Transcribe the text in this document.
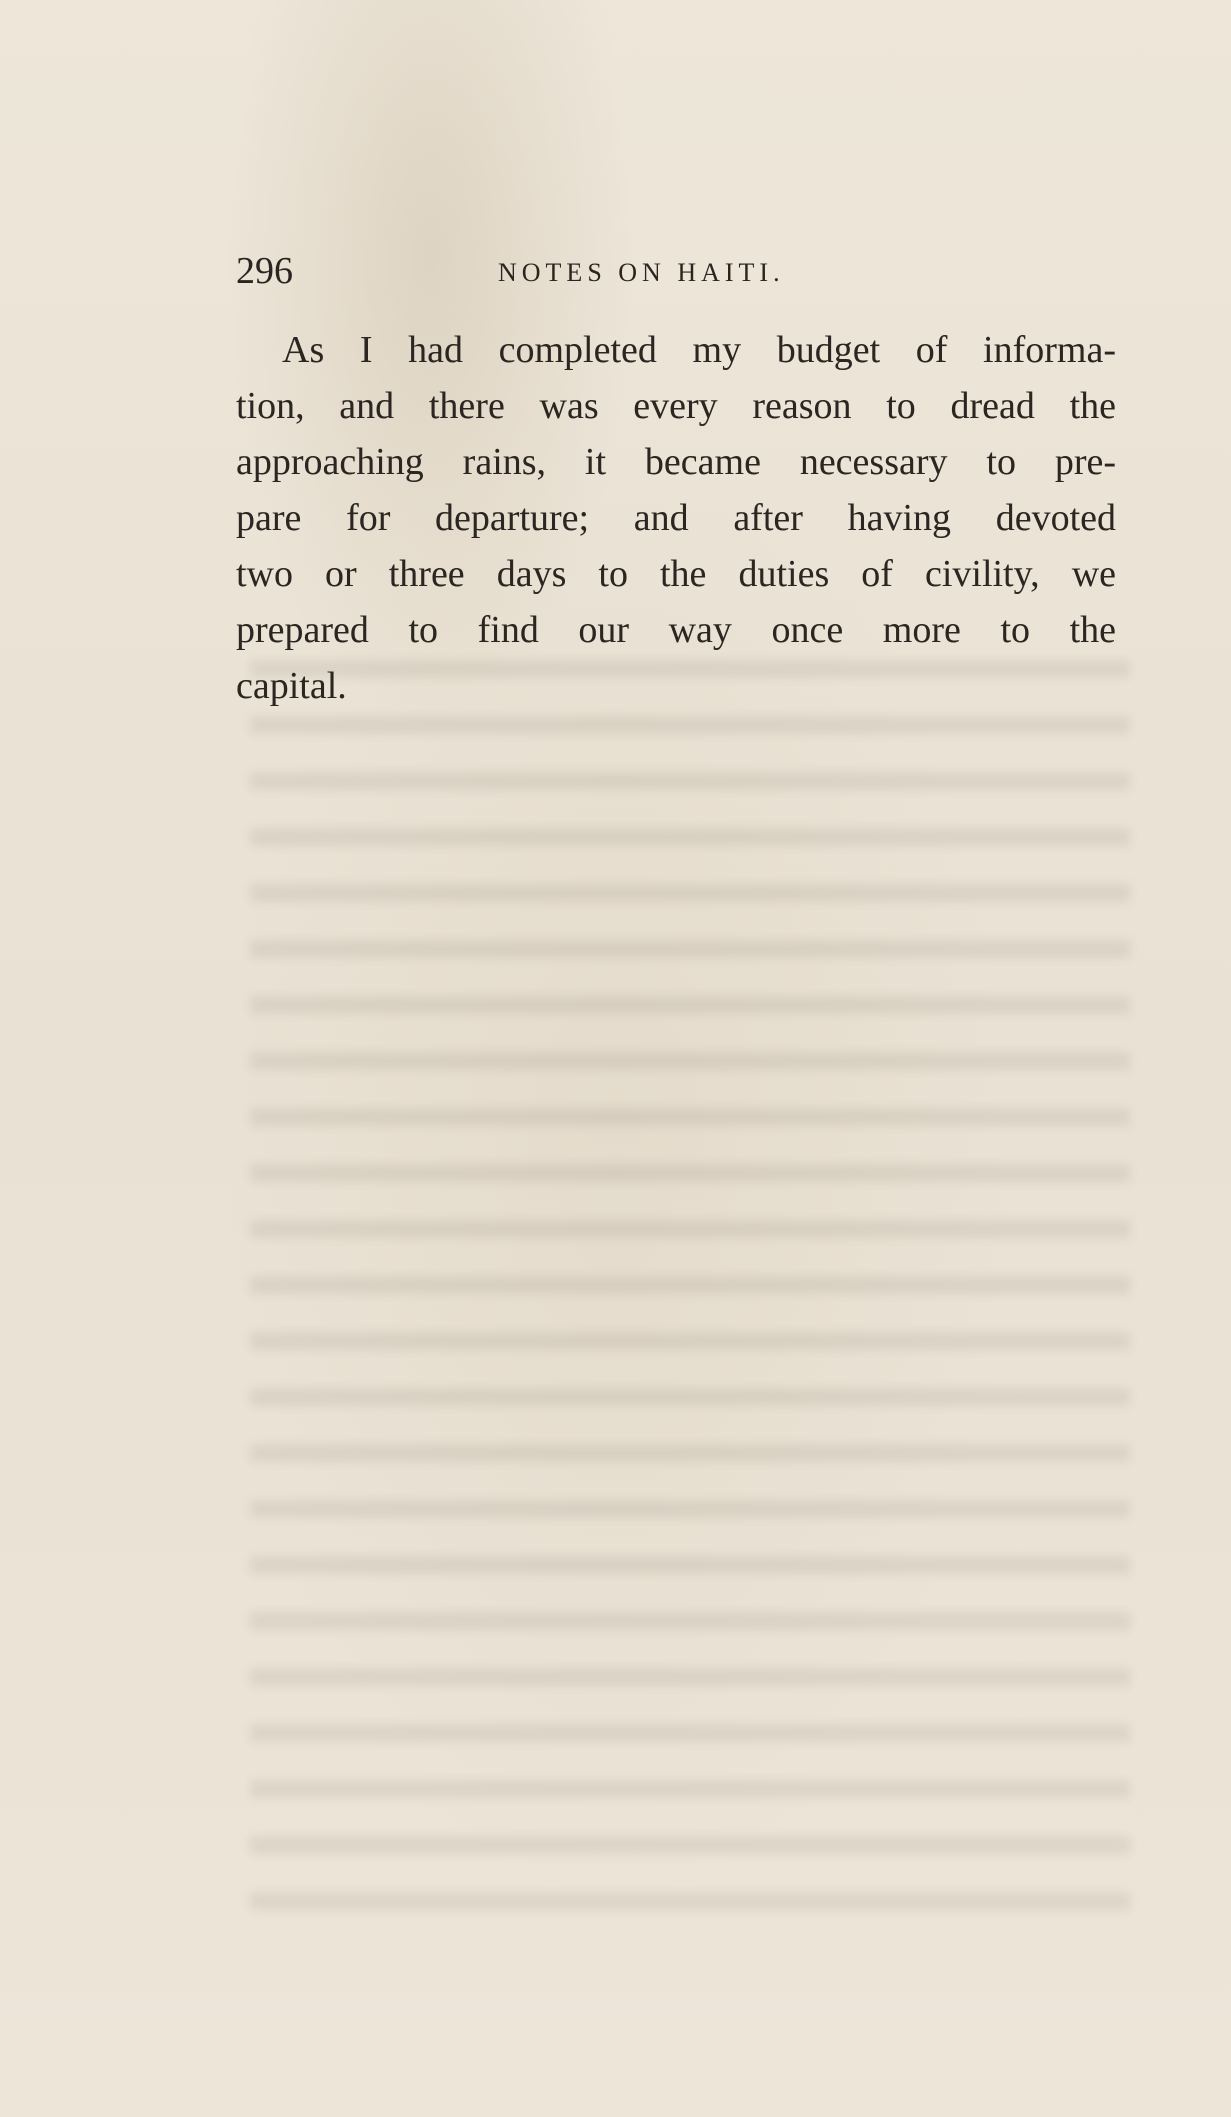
296	NOTES ON HAITI.
As I had completed my budget of informa-
tion, and there was every reason to dread the
approaching rains, it became necessary to pre-
pare for departure; and after having devoted
two or three days to the duties of civility, we
prepared to find our way once more to the
capital.
